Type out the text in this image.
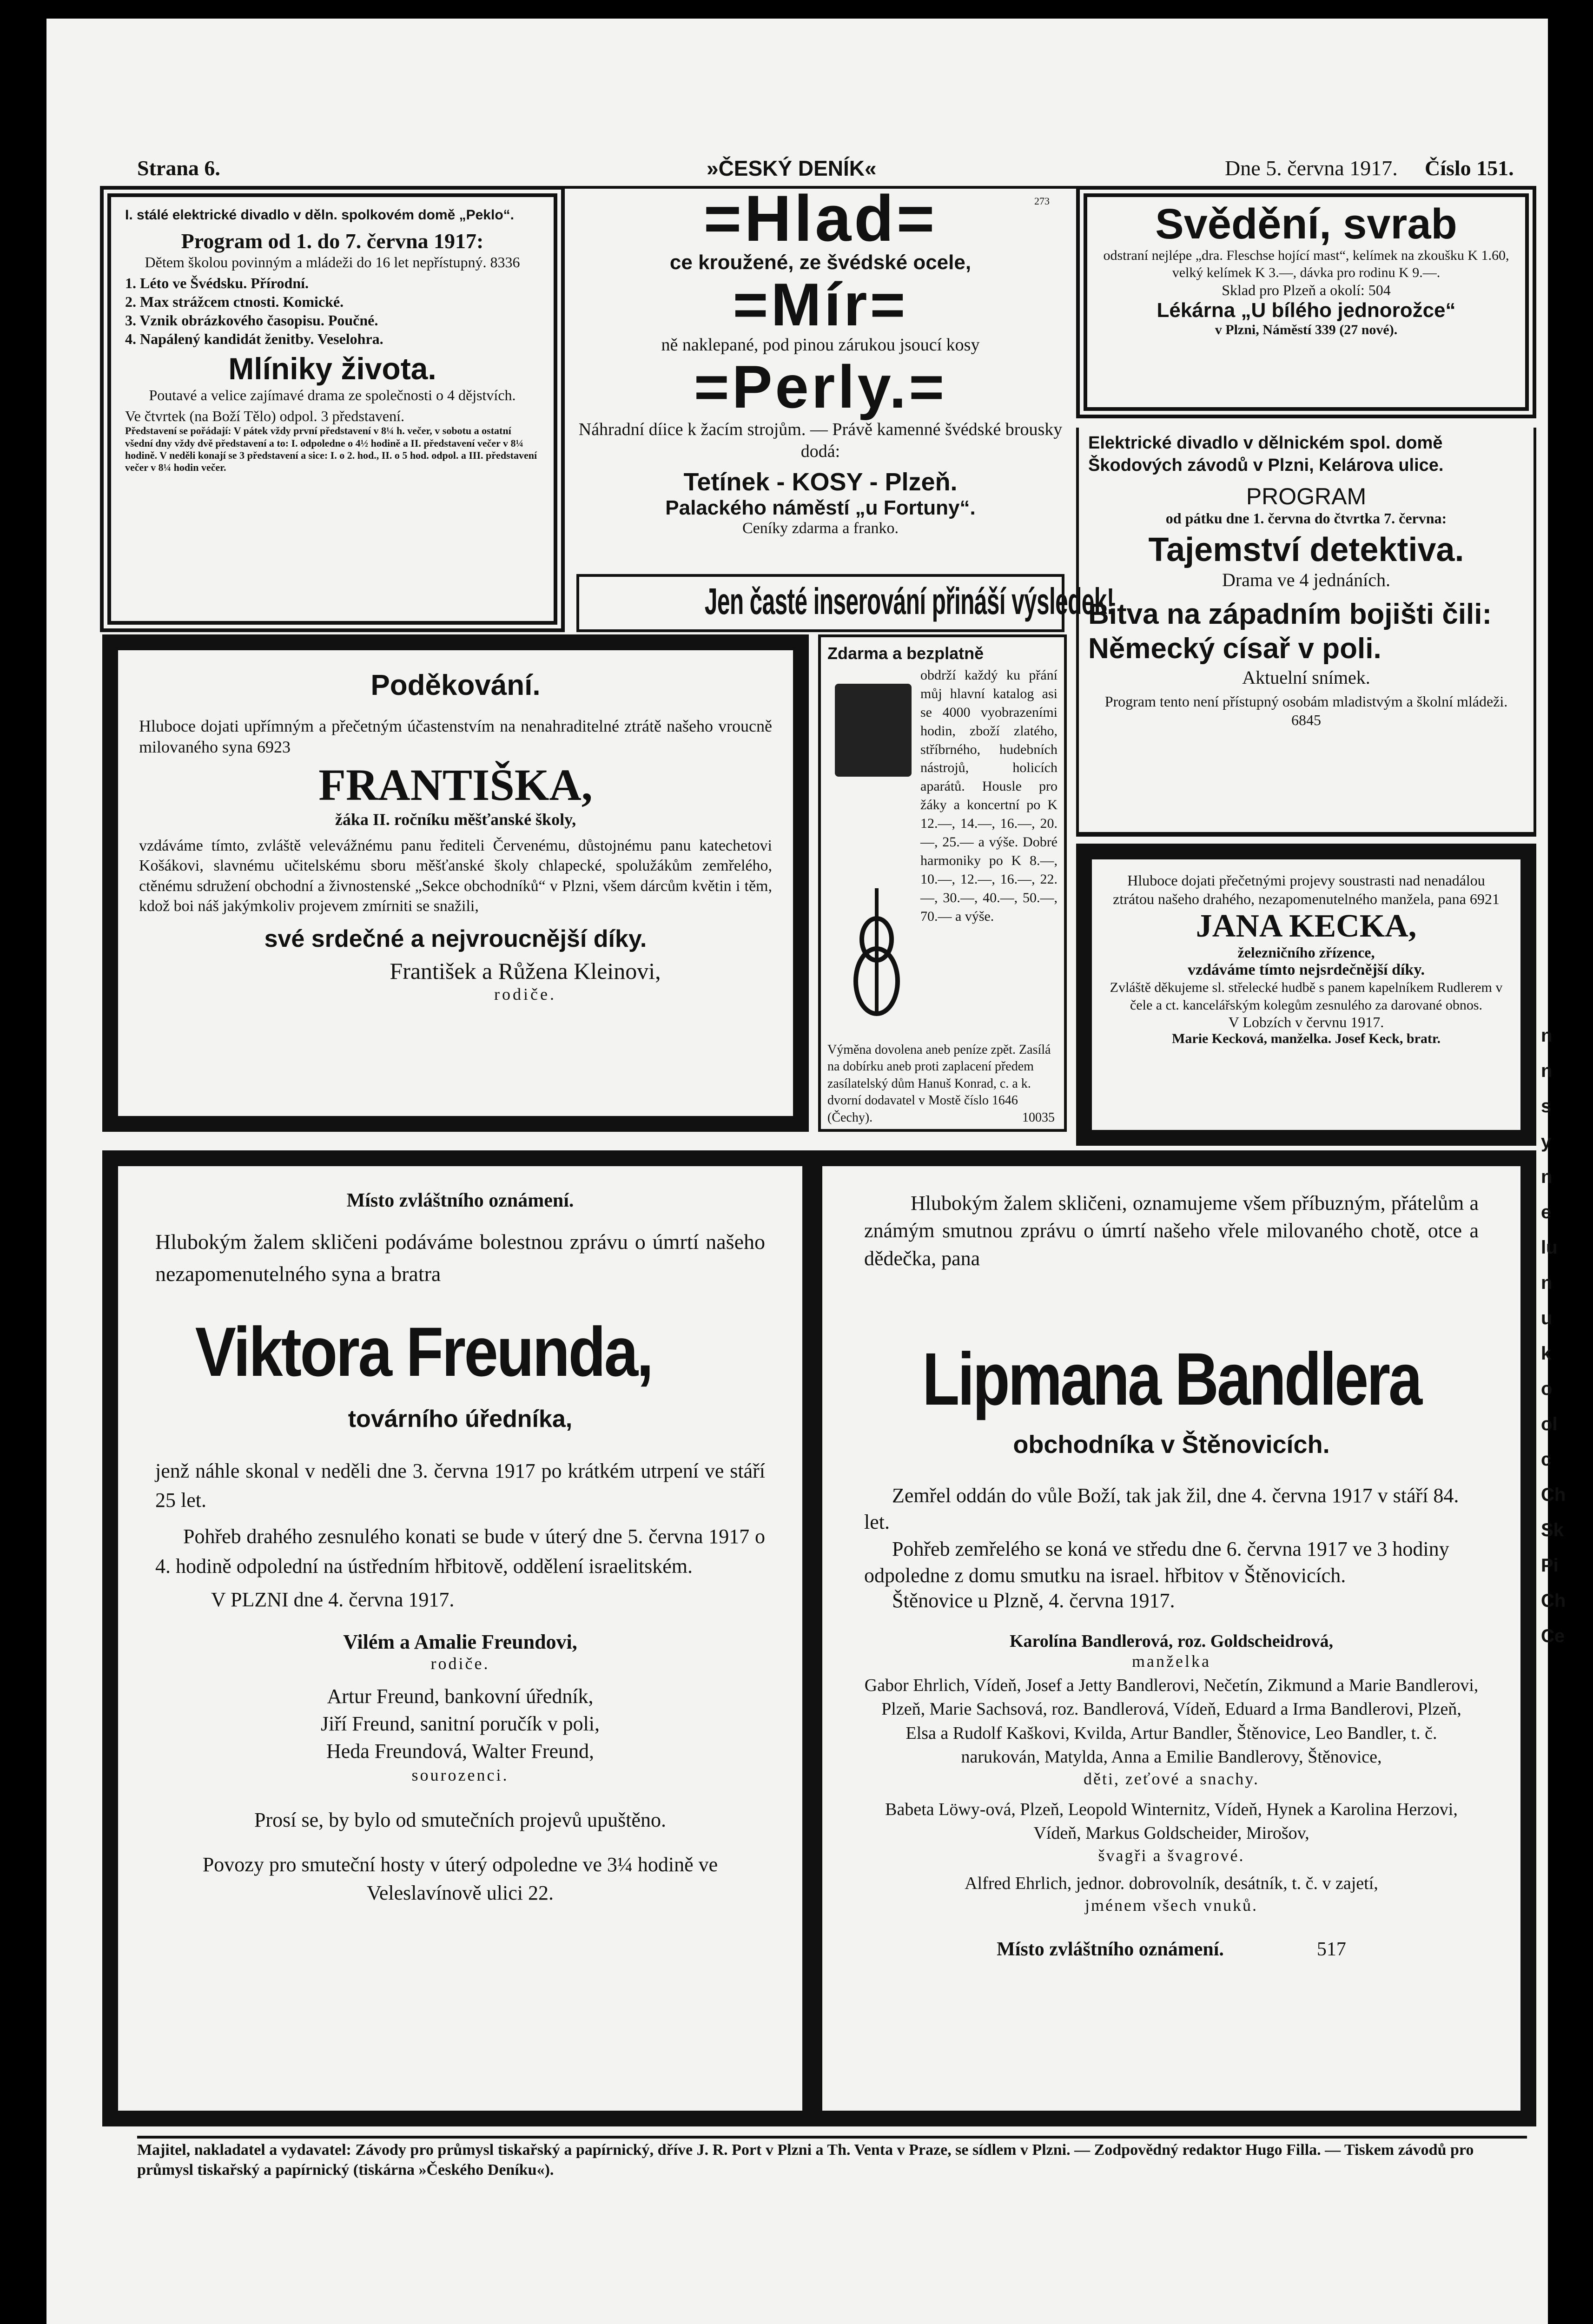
Strana 6.	»ČESKÝ DENÍK«	Dne 5. června 1917. Číslo 151.
I. stálé elektrické divadlo v děln. spolkovém domě „Peklo“.
Program od 1. do 7. června 1917:
Dětem školou povinným a mládeži do 16 let nepřístupný. 8336
1. Léto ve Švédsku. Přírodní.
2. Max strážcem ctnosti. Komické.
3. Vznik obrázkového časopisu. Poučné.
4. Napálený kandidát ženitby. Veselohra.
Mlíniky života.
Poutavé a velice zajímavé drama ze společnosti o 4 dějstvích.
Ve čtvrtek (na Boží Tělo) odpol. 3 představení.
Představení se pořádají: V pátek vždy první představení v 8¼ h. večer, v sobotu a ostatní všední dny vždy dvě představení a to: I. odpoledne o 4½ hodině a II. představení večer v 8¼ hodině. V neděli konají se 3 představení a sice: I. o 2. hod., II. o 5 hod. odpol. a III. představení večer v 8¼ hodin večer.
=Hlad=	273
ce kroužené, ze švédské ocele,
=Mír=
ně naklepané, pod pinou zárukou jsoucí kosy
=Perly.=
Náhradní díice k žacím strojům. — Právě kamenné švédské brousky dodá:
Tetínek - KOSY - Plzeň.
Palackého náměstí „u Fortuny“.
Ceníky zdarma a franko.
Jen časté inserování přináší výsledek!
Svědění, svrab
odstraní nejlépe „dra. Fleschse hojící mast“, kelímek na zkoušku K 1.60, velký kelímek K 3.—, dávka pro rodinu K 9.—.
Sklad pro Plzeň a okolí: 504
Lékárna „U bílého jednorožce“
v Plzni, Náměstí 339 (27 nové).
Elektrické divadlo v dělnickém spol. domě Škodových závodů v Plzni, Kelárova ulice.
PROGRAM
od pátku dne 1. června do čtvrtka 7. června:
Tajemství detektiva.
Drama ve 4 jednáních.
Bitva na západním bojišti čili: Německý císař v poli.
Aktuelní snímek.
Program tento není přístupný osobám mladistvým a školní mládeži. 6845
Poděkování.
Hluboce dojati upřímným a přečetným účastenstvím na nenahraditelné ztrátě našeho vroucně milovaného syna 6923
FRANTIŠKA,
žáka II. ročníku měšťanské školy,
vzdáváme tímto, zvláště velevážnému panu řediteli Červenému, důstojnému panu katechetovi Košákovi, slavnému učitelskému sboru měšťanské školy chlapecké, spolužákům zemřelého, ctěnému sdružení obchodní a živnostenské „Sekce obchodníků“ v Plzni, všem dárcům květin i těm, kdož boi náš jakýmkoliv projevem zmírniti se snažili,
své srdečné a nejvroucnější díky.
František a Růžena Kleinovi,
rodiče.
Zdarma a bezplatně
obdrží každý ku přání můj hlavní katalog asi se 4000 vyobrazeními hodin, zboží zlatého, stříbrného, hudebních nástrojů, holicích aparátů. Housle pro žáky a koncertní po K 12.—, 14.—, 16.—, 20.—, 25.— a výše. Dobré harmoniky po K 8.—, 10.—, 12.—, 16.—, 22.—, 30.—, 40.—, 50.—, 70.— a výše.
Výměna dovolena aneb peníze zpět. Zasílá na dobírku aneb proti zaplacení předem zasílatelský dům Hanuš Konrad, c. a k. dvorní dodavatel v Mostě číslo 1646 (Čechy).	10035
Hluboce dojati přečetnými projevy soustrasti nad nenadálou ztrátou našeho drahého, nezapomenutelného manžela, pana 6921
JANA KECKA,
železničního zřízence,
vzdáváme tímto nejsrdečnější díky.
Zvláště děkujeme sl. střelecké hudbě s panem kapelníkem Rudlerem v čele a ct. kancelářským kolegům zesnulého za darované obnos.
V Lobzích v červnu 1917.
Marie Kecková, manželka. Josef Keck, bratr.
Místo zvláštního oznámení.
Hlubokým žalem skličeni podáváme bolestnou zprávu o úmrtí našeho nezapomenutelného syna a bratra
Viktora Freunda,
továrního úředníka,
jenž náhle skonal v neděli dne 3. června 1917 po krátkém utrpení ve stáří 25 let.
Pohřeb drahého zesnulého konati se bude v úterý dne 5. června 1917 o 4. hodině odpolední na ústředním hřbitově, oddělení israelitském.
V PLZNI dne 4. června 1917.
Vilém a Amalie Freundovi,
rodiče.
Artur Freund, bankovní úředník,
Jiří Freund, sanitní poručík v poli,
Heda Freundová, Walter Freund,
sourozenci.
Prosí se, by bylo od smutečních projevů upuštěno.
Povozy pro smuteční hosty v úterý odpoledne ve 3¼ hodině ve Veleslavínově ulici 22.
Hlubokým žalem skličeni, oznamujeme všem příbuzným, přátelům a známým smutnou zprávu o úmrtí našeho vřele milovaného chotě, otce a dědečka, pana
Lipmana Bandlera
obchodníka v Štěnovicích.
Zemřel oddán do vůle Boží, tak jak žil, dne 4. června 1917 v stáří 84. let.
Pohřeb zemřelého se koná ve středu dne 6. června 1917 ve 3 hodiny odpoledne z domu smutku na israel. hřbitov v Štěnovicích.
Štěnovice u Plzně, 4. června 1917.
Karolína Bandlerová, roz. Goldscheidrová,
manželka
Gabor Ehrlich, Vídeň, Josef a Jetty Bandlerovi, Nečetín, Zikmund a Marie Bandlerovi, Plzeň, Marie Sachsová, roz. Bandlerová, Vídeň, Eduard a Irma Bandlerovi, Plzeň, Elsa a Rudolf Kaškovi, Kvilda, Artur Bandler, Štěnovice, Leo Bandler, t. č. narukován, Matylda, Anna a Emilie Bandlerovy, Štěnovice,
děti, zeťové a snachy.
Babeta Löwy-ová, Plzeň, Leopold Winternitz, Vídeň, Hynek a Karolina Herzovi, Vídeň, Markus Goldscheider, Mirošov,
švagři a švagrové.
Alfred Ehrlich, jednor. dobrovolník, desátník, t. č. v zajetí,
jménem všech vnuků.
Místo zvláštního oznámení.	517
Majitel, nakladatel a vydavatel: Závody pro průmysl tiskařský a papírnický, dříve J. R. Port v Plzni a Th. Venta v Praze, se sídlem v Plzni. — Zodpovědný redaktor Hugo Filla. — Tiskem závodů pro průmysl tiskařský a papírnický (tiskárna »Českého Deníku«).
n
n
s
y
n
e
lu
n
u
k
o
ol
c
Ch
Sk
Pi
Ch
Ce
